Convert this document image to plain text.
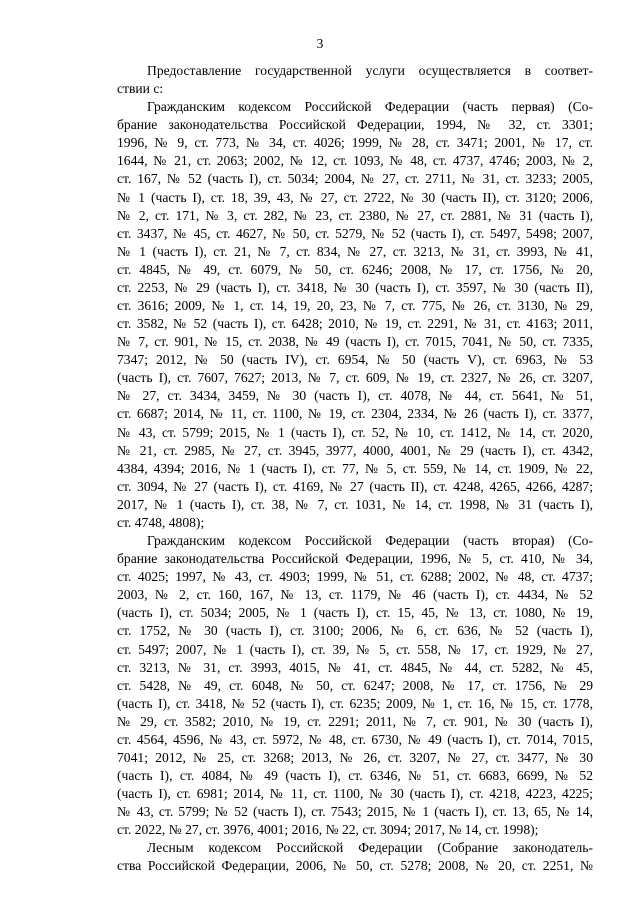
3

Предоставление государственной услуги осуществляется в соответ-
ствии с:

Гражданским кодексом Российской Федерации (часть первая) (Со-
брание законодательства Российской Федерации, 1994, № 32, ст. 3301;
1996, № 9, ст. 773, № 34, ст. 4026; 1999, № 28, ст. 3471; 2001, № 17, ст.
1644, № 21, ст. 2063; 2002, № 12, ст. 1093, № 48, ст. 4737, 4746; 2003, № 2,
ст. 167, № 52 (часть I), ст. 5034; 2004, № 27, ст. 2711, № 31, ст. 3233; 2005,
№ 1 (часть I), ст. 18, 39, 43, № 27, ст. 2722, № 30 (часть II), ст. 3120; 2006,
№ 2, ст. 171, № 3, ст. 282, № 23, ст. 2380, № 27, ст. 2881, № 31 (часть I),
ст. 3437, № 45, ст. 4627, № 50, ст. 5279, № 52 (часть I), ст. 5497, 5498; 2007,
№ 1 (часть I), ст. 21, № 7, ст. 834, № 27, ст. 3213, № 31, ст. 3993, № 41,
ст. 4845, № 49, ст. 6079, № 50, ст. 6246; 2008, № 17, ст. 1756, № 20,
ст. 2253, № 29 (часть I), ст. 3418, № 30 (часть I), ст. 3597, № 30 (часть II),
ст. 3616; 2009, № 1, ст. 14, 19, 20, 23, № 7, ст. 775, № 26, ст. 3130, № 29,
ст. 3582, № 52 (часть I), ст. 6428; 2010, № 19, ст. 2291, № 31, ст. 4163; 2011,
№ 7, ст. 901, № 15, ст. 2038, № 49 (часть I), ст. 7015, 7041, № 50, ст. 7335,
7347; 2012, № 50 (часть IV), ст. 6954, № 50 (часть V), ст. 6963, № 53
(часть I), ст. 7607, 7627; 2013, № 7, ст. 609, № 19, ст. 2327, № 26, ст. 3207,
№ 27, ст. 3434, 3459, № 30 (часть I), ст. 4078, № 44, ст. 5641, № 51,
ст. 6687; 2014, № 11, ст. 1100, № 19, ст. 2304, 2334, № 26 (часть I), ст. 3377,
№ 43, ст. 5799; 2015, № 1 (часть I), ст. 52, № 10, ст. 1412, № 14, ст. 2020,
№ 21, ст. 2985, № 27, ст. 3945, 3977, 4000, 4001, № 29 (часть I), ст. 4342,
4384, 4394; 2016, № 1 (часть I), ст. 77, № 5, ст. 559, № 14, ст. 1909, № 22,
ст. 3094, № 27 (часть I), ст. 4169, № 27 (часть II), ст. 4248, 4265, 4266, 4287;
2017, № 1 (часть I), ст. 38, № 7, ст. 1031, № 14, ст. 1998, № 31 (часть I),
ст. 4748, 4808);

Гражданским кодексом Российской Федерации (часть вторая) (Со-
брание законодательства Российской Федерации, 1996, № 5, ст. 410, № 34,
ст. 4025; 1997, № 43, ст. 4903; 1999, № 51, ст. 6288; 2002, № 48, ст. 4737;
2003, № 2, ст. 160, 167, № 13, ст. 1179, № 46 (часть I), ст. 4434, № 52
(часть I), ст. 5034; 2005, № 1 (часть I), ст. 15, 45, № 13, ст. 1080, № 19,
ст. 1752, № 30 (часть I), ст. 3100; 2006, № 6, ст. 636, № 52 (часть I),
ст. 5497; 2007, № 1 (часть I), ст. 39, № 5, ст. 558, № 17, ст. 1929, № 27,
ст. 3213, № 31, ст. 3993, 4015, № 41, ст. 4845, № 44, ст. 5282, № 45,
ст. 5428, № 49, ст. 6048, № 50, ст. 6247; 2008, № 17, ст. 1756, № 29
(часть I), ст. 3418, № 52 (часть I), ст. 6235; 2009, № 1, ст. 16, № 15, ст. 1778,
№ 29, ст. 3582; 2010, № 19, ст. 2291; 2011, № 7, ст. 901, № 30 (часть I),
ст. 4564, 4596, № 43, ст. 5972, № 48, ст. 6730, № 49 (часть I), ст. 7014, 7015,
7041; 2012, № 25, ст. 3268; 2013, № 26, ст. 3207, № 27, ст. 3477, № 30
(часть I), ст. 4084, № 49 (часть I), ст. 6346, № 51, ст. 6683, 6699, № 52
(часть I), ст. 6981; 2014, № 11, ст. 1100, № 30 (часть I), ст. 4218, 4223, 4225;
№ 43, ст. 5799; № 52 (часть I), ст. 7543; 2015, № 1 (часть I), ст. 13, 65, № 14,
ст. 2022, № 27, ст. 3976, 4001; 2016, № 22, ст. 3094; 2017, № 14, ст. 1998);

Лесным кодексом Российской Федерации (Собрание законодатель-
ства Российской Федерации, 2006, № 50, ст. 5278; 2008, № 20, ст. 2251, №
